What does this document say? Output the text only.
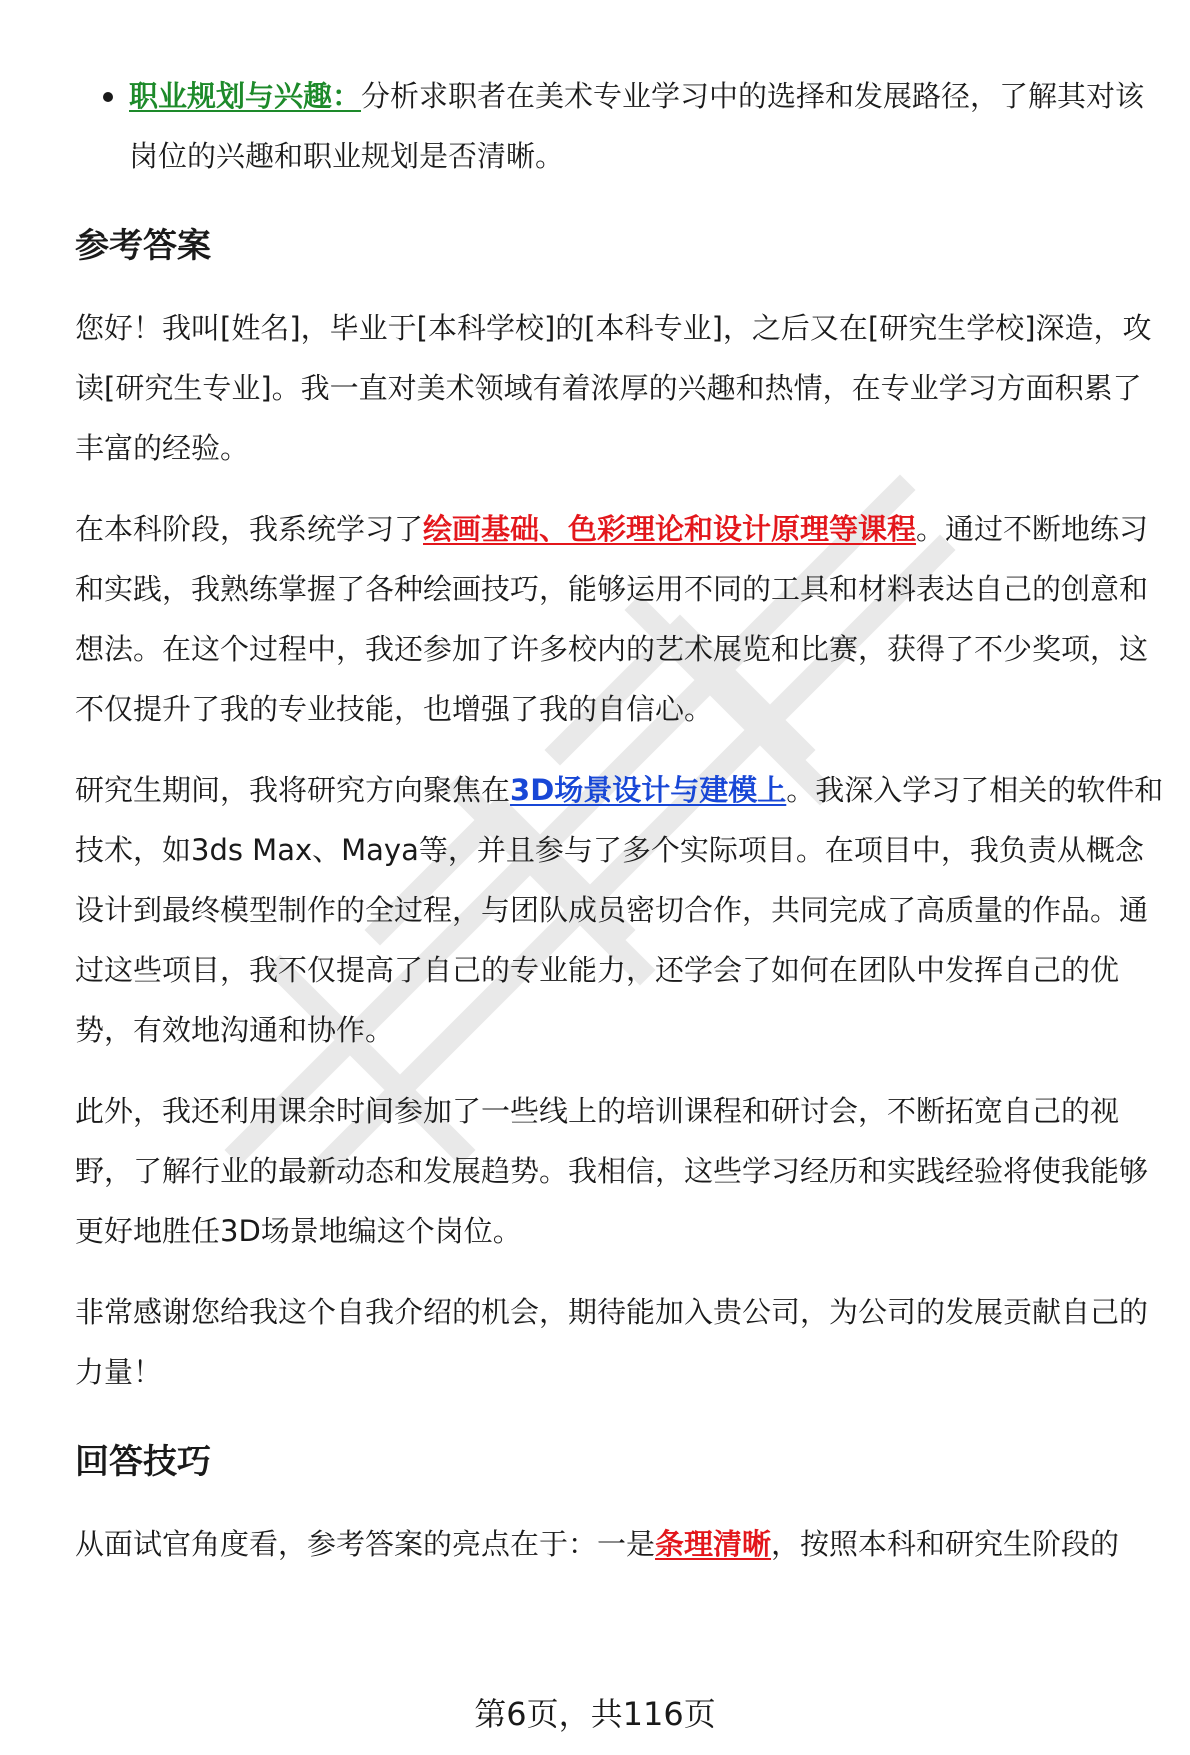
职业规划与兴趣：分析求职者在美术专业学习中的选择和发展路径，了解其对该岗位的兴趣和职业规划是否清晰。
参考答案

您好！我叫[姓名]，毕业于[本科学校]的[本科专业]，之后又在[研究生学校]深造，攻读[研究生专业]。我一直对美术领域有着浓厚的兴趣和热情，在专业学习方面积累了丰富的经验。

在本科阶段，我系统学习了绘画基础、色彩理论和设计原理等课程。通过不断地练习和实践，我熟练掌握了各种绘画技巧，能够运用不同的工具和材料表达自己的创意和想法。在这个过程中，我还参加了许多校内的艺术展览和比赛，获得了不少奖项，这不仅提升了我的专业技能，也增强了我的自信心。

研究生期间，我将研究方向聚焦在3D场景设计与建模上。我深入学习了相关的软件和技术，如3ds Max、Maya等，并且参与了多个实际项目。在项目中，我负责从概念设计到最终模型制作的全过程，与团队成员密切合作，共同完成了高质量的作品。通过这些项目，我不仅提高了自己的专业能力，还学会了如何在团队中发挥自己的优势，有效地沟通和协作。

此外，我还利用课余时间参加了一些线上的培训课程和研讨会，不断拓宽自己的视野，了解行业的最新动态和发展趋势。我相信，这些学习经历和实践经验将使我能够更好地胜任3D场景地编这个岗位。

非常感谢您给我这个自我介绍的机会，期待能加入贵公司，为公司的发展贡献自己的力量！

回答技巧

从面试官角度看，参考答案的亮点在于：一是条理清晰，按照本科和研究生阶段的

第6页，共116页
